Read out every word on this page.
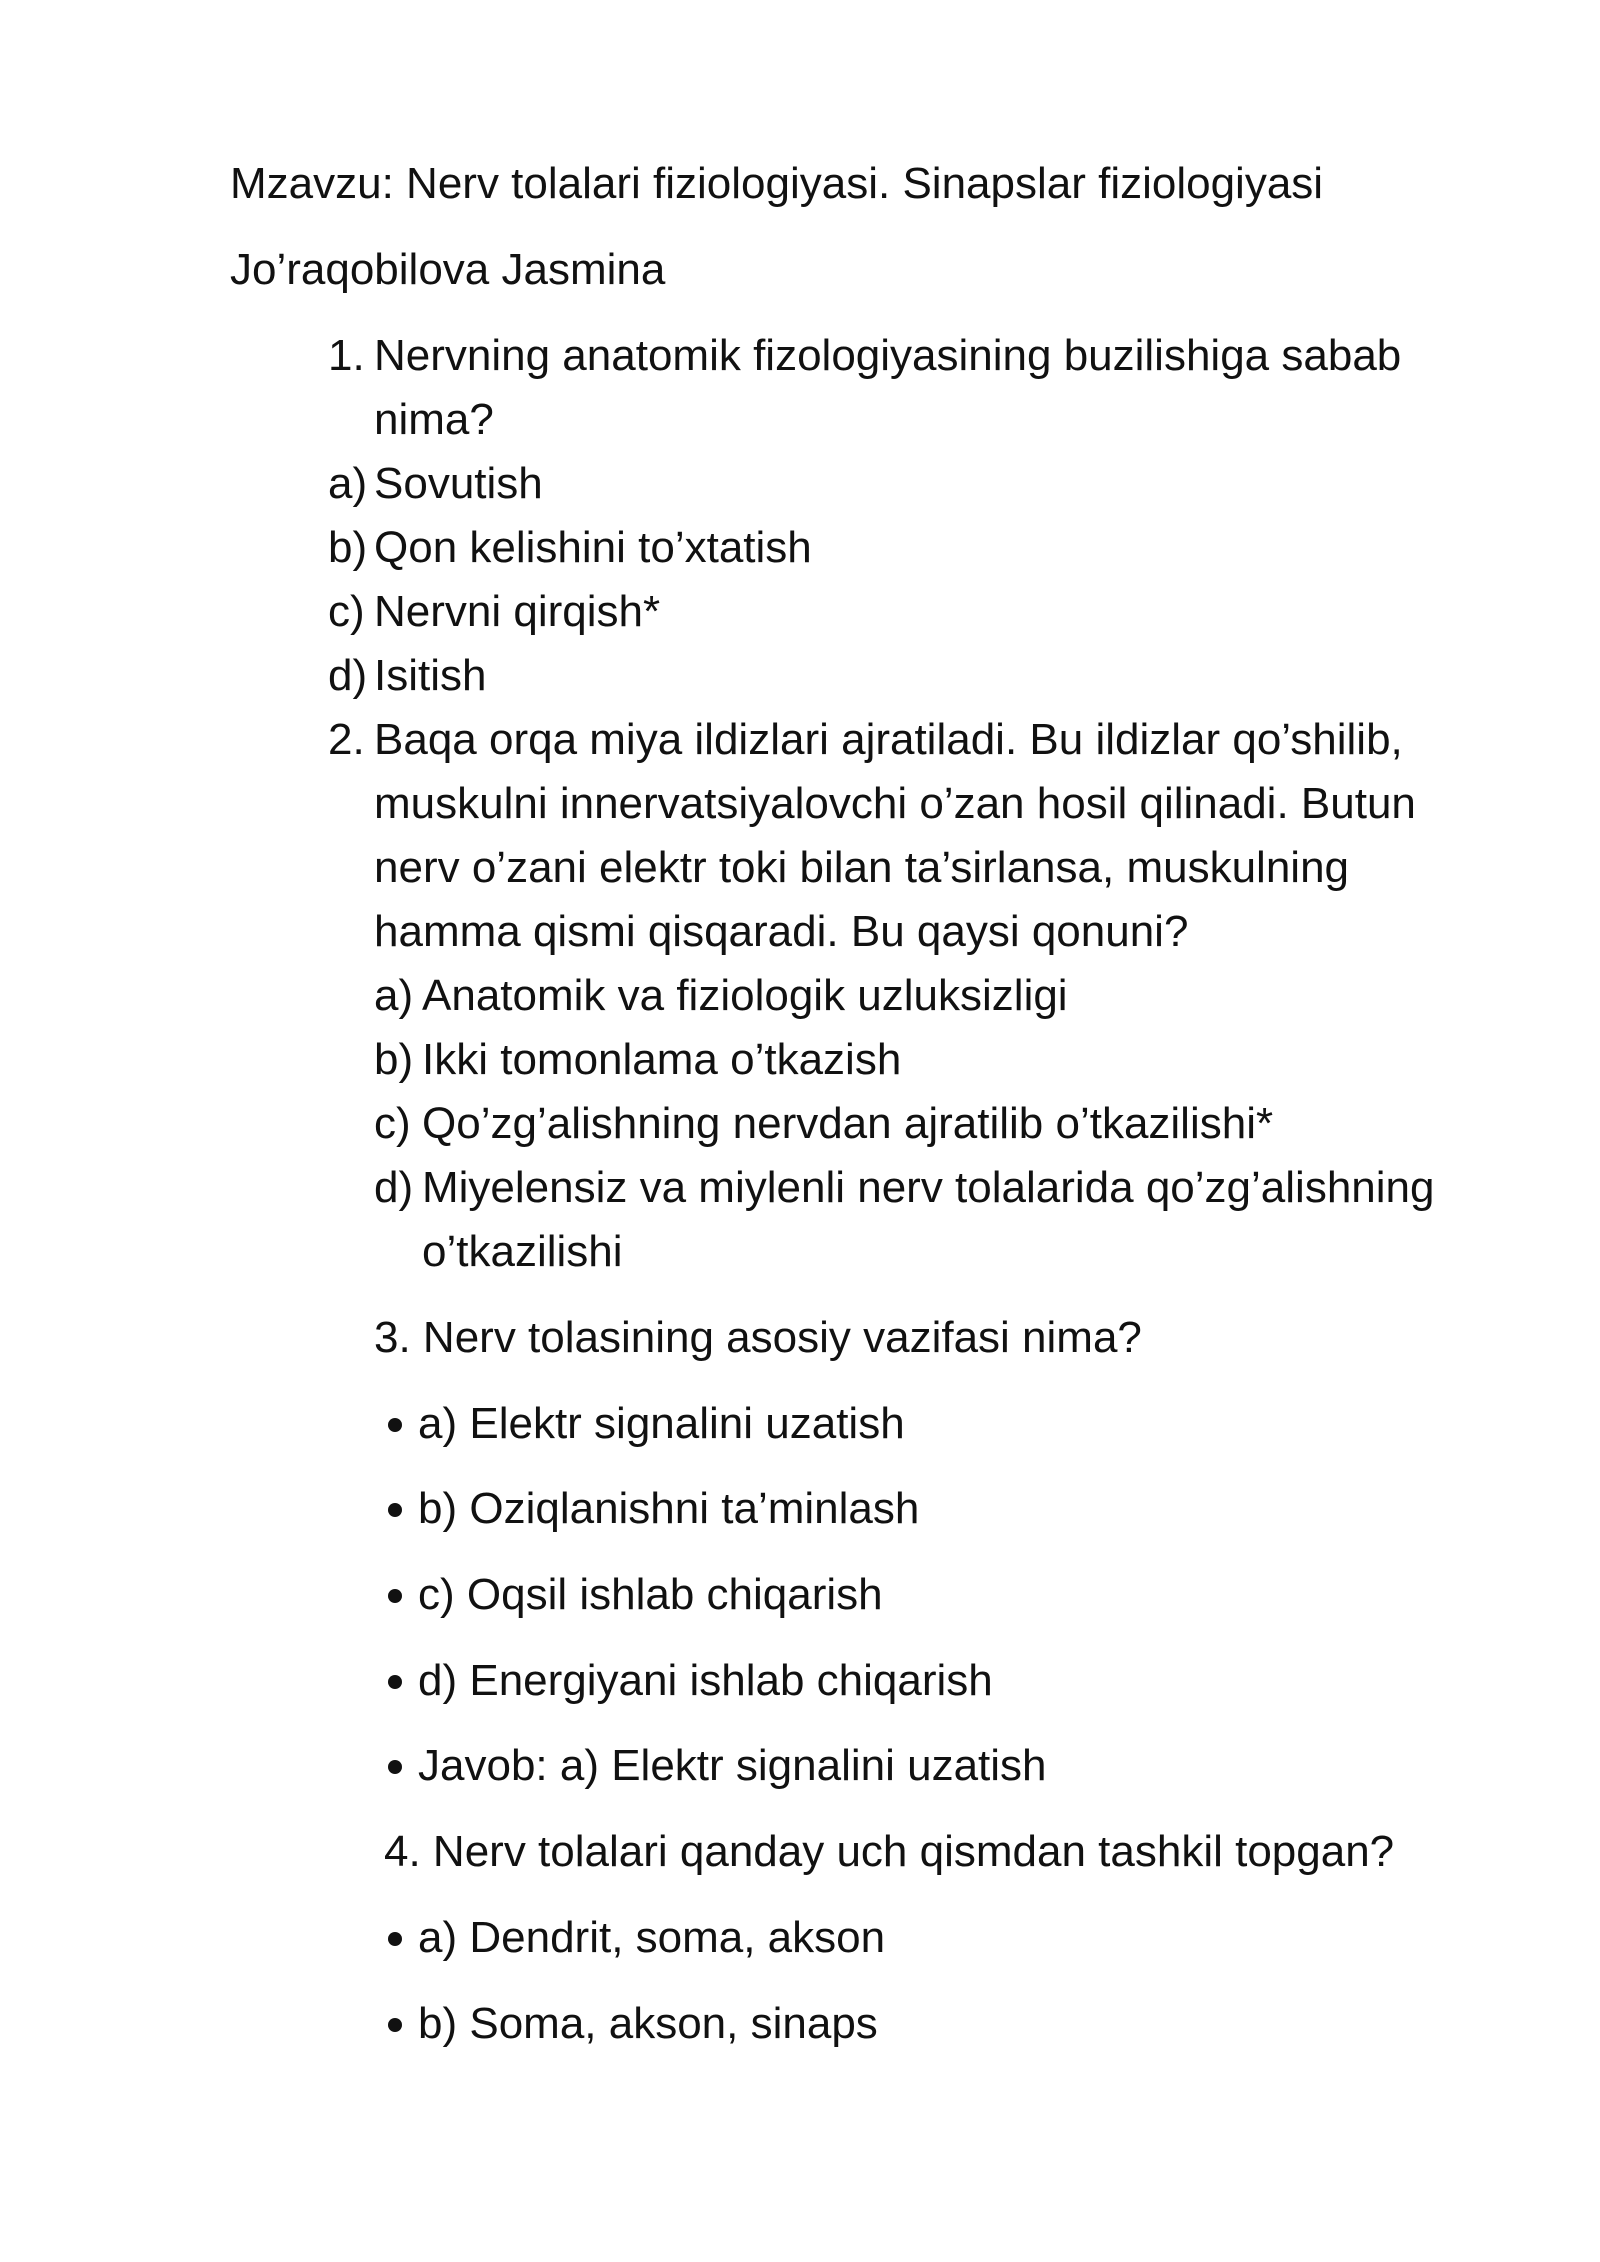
Mzavzu: Nerv tolalari fiziologiyasi. Sinapslar fiziologiyasi
Jo’raqobilova Jasmina
1. Nervning anatomik fizologiyasining buzilishiga sabab
nima?
a) Sovutish
b) Qon kelishini to’xtatish
c) Nervni qirqish*
d) Isitish
2. Baqa orqa miya ildizlari ajratiladi. Bu ildizlar qo’shilib,
muskulni innervatsiyalovchi o’zan hosil qilinadi. Butun
nerv o’zani elektr toki bilan ta’sirlansa, muskulning
hamma qismi qisqaradi. Bu qaysi qonuni?
a) Anatomik va fiziologik uzluksizligi
b) Ikki tomonlama o’tkazish
c) Qo’zg’alishning nervdan ajratilib o’tkazilishi*
d) Miyelensiz va miylenli nerv tolalarida qo’zg’alishning
o’tkazilishi
3. Nerv tolasining asosiy vazifasi nima?
a) Elektr signalini uzatish
b) Oziqlanishni ta’minlash
c) Oqsil ishlab chiqarish
d) Energiyani ishlab chiqarish
Javob: a) Elektr signalini uzatish
4. Nerv tolalari qanday uch qismdan tashkil topgan?
a) Dendrit, soma, akson
b) Soma, akson, sinaps
